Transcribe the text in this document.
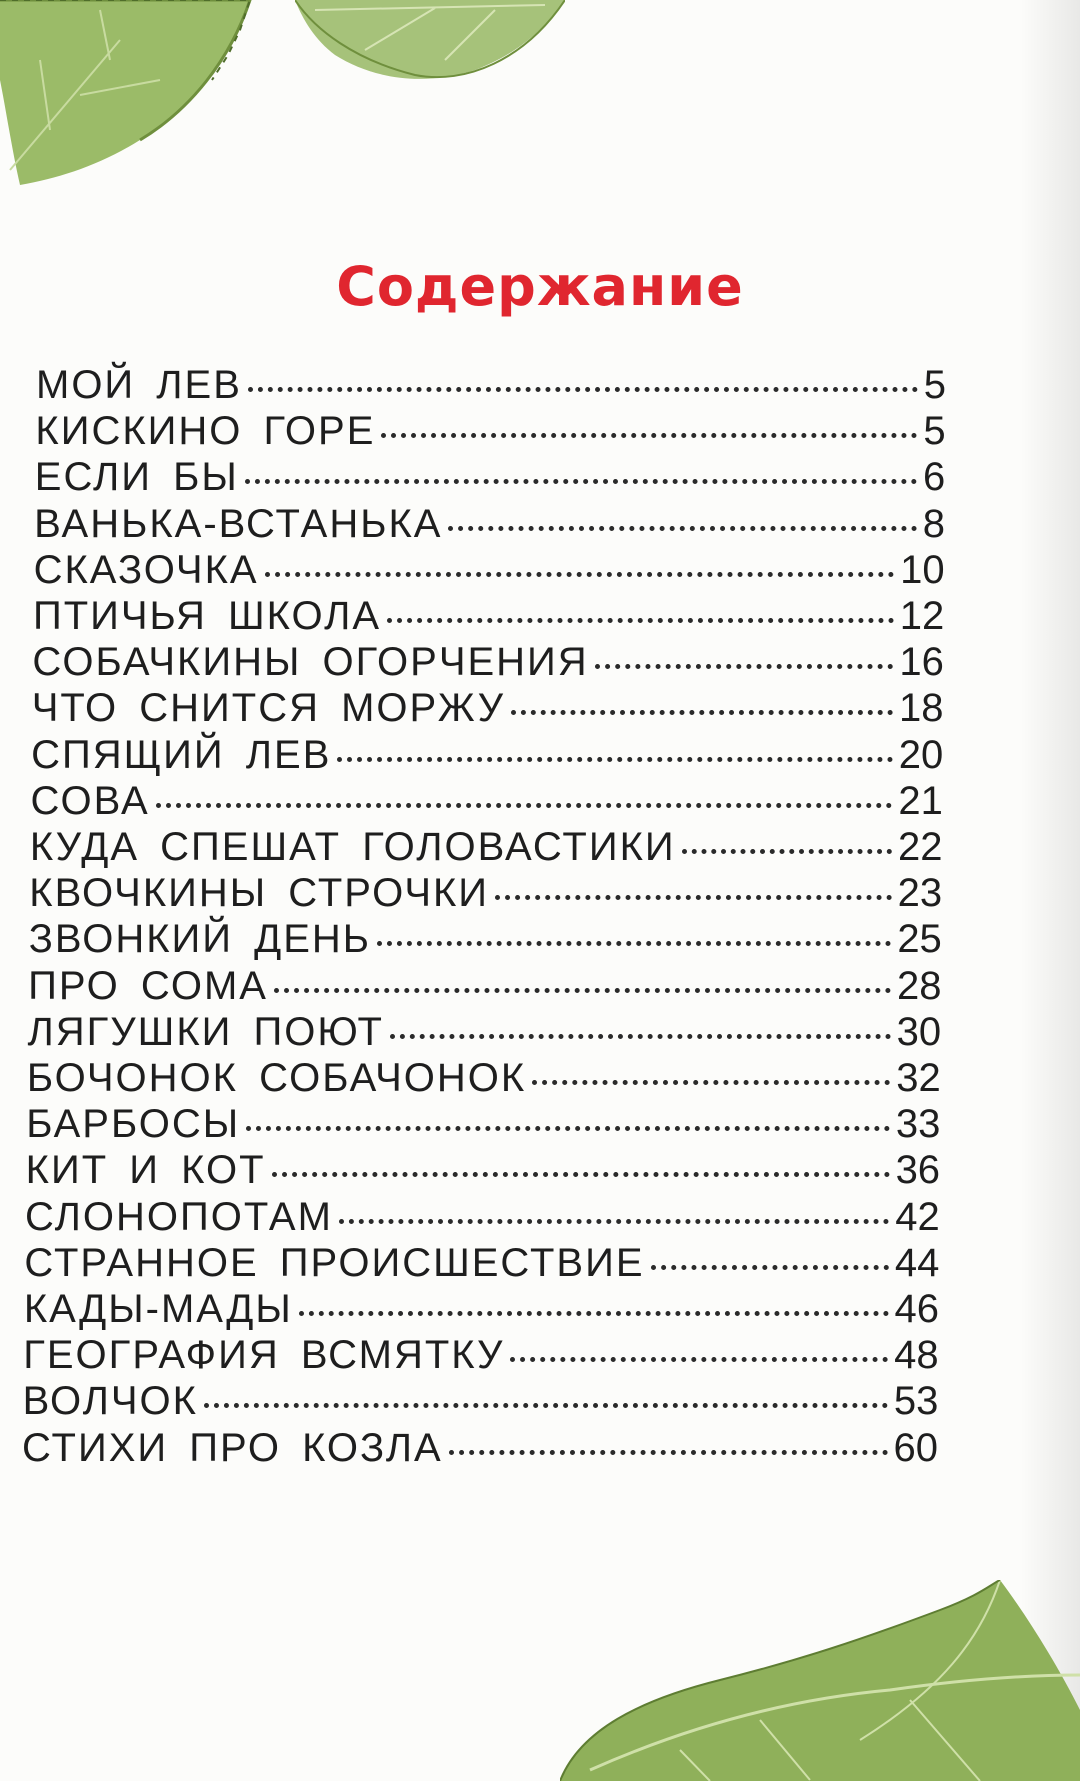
Содержание
МОЙ ЛЕВ	5
КИСКИНО ГОРЕ	5
ЕСЛИ БЫ	6
ВАНЬКА-ВСТАНЬКА	8
СКАЗОЧКА	10
ПТИЧЬЯ ШКОЛА	12
СОБАЧКИНЫ ОГОРЧЕНИЯ	16
ЧТО СНИТСЯ МОРЖУ	18
СПЯЩИЙ ЛЕВ	20
СОВА	21
КУДА СПЕШАТ ГОЛОВАСТИКИ	22
КВОЧКИНЫ СТРОЧКИ	23
ЗВОНКИЙ ДЕНЬ	25
ПРО СОМА	28
ЛЯГУШКИ ПОЮТ	30
БОЧОНОК СОБАЧОНОК	32
БАРБОСЫ	33
КИТ И КОТ	36
СЛОНОПОТАМ	42
СТРАННОЕ ПРОИСШЕСТВИЕ	44
КАДЫ-МАДЫ	46
ГЕОГРАФИЯ ВСМЯТКУ	48
ВОЛЧОК	53
СТИХИ ПРО КОЗЛА	60
